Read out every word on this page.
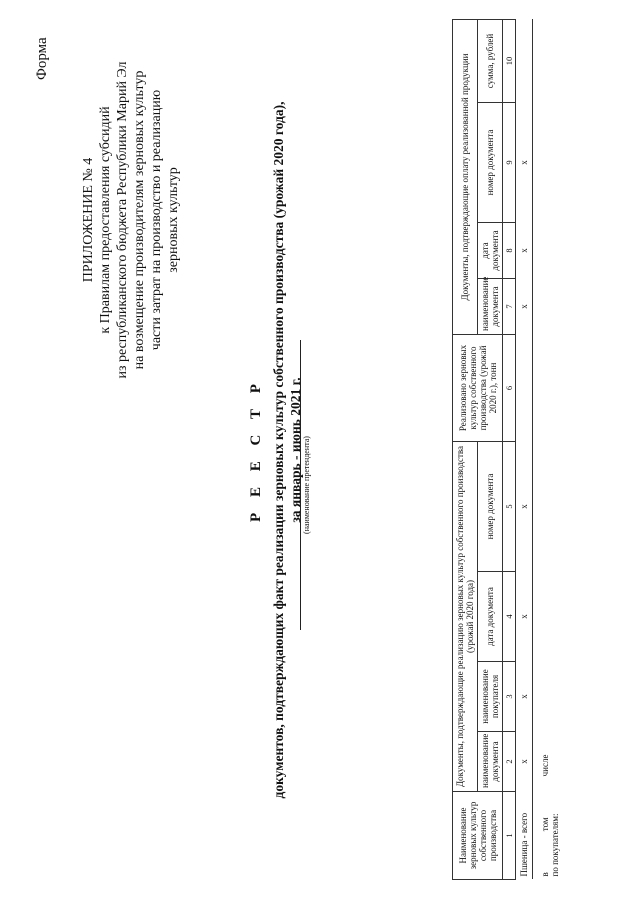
ПРИЛОЖЕНИЕ № 4 к Правилам предоставления субсидий из республиканского бюджета Республики Марий Эл на возмещение производителям зерновых культур части затрат на производство и реализацию зерновых культур
Форма
Р Е Е С Т Р документов, подтверждающих факт реализации зерновых культур собственного производства (урожай 2020 года), за январь - июнь 2021 г. (наименование претендента)
Наименование зерновых культур собственного производства	Документы, подтверждающие реализацию зерновых культур собственного производства (урожай 2020 года)				Реализовано зерновых культур собственного производства (урожай 2020 г.), тонн	Документы, подтверждающие оплату реализованной продукции			
	наименование документа	наименование покупателя	дата документа	номер документа		наименование документа	дата документа	номер документа	сумма, рублей
1	2	3	4	5	6	7	8	9	10
Пшеница - всего	х	х	х	х		х	х	х	

в
том
числе
по покупателям:									
